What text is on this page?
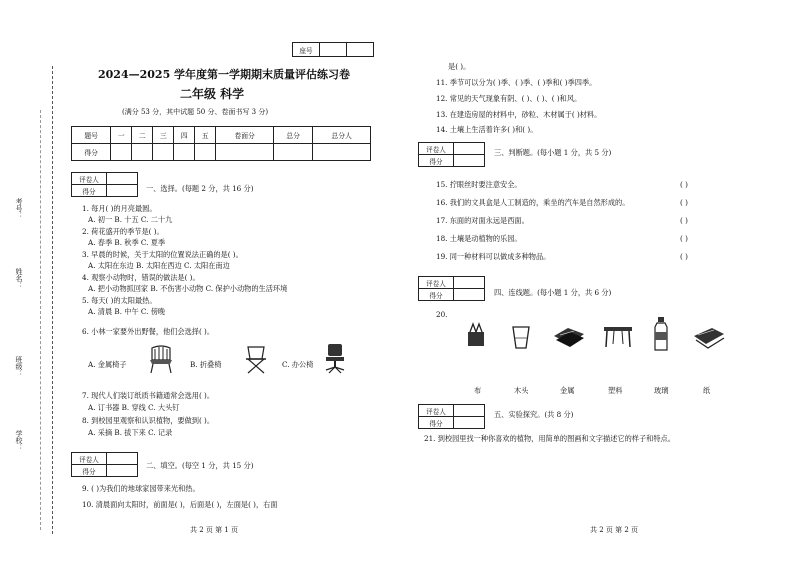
座号		
考号：
姓名：
班级：
学校：
2024—2025 学年度第一学期期末质量评估练习卷
二年级 科学
(满分 53 分，其中试题 50 分、卷面书写 3 分)
题号	一	二	三	四	五	卷面分	总分	总分人
得分								
评卷人	
得分		一、选择。(每题 2 分，共 16 分)
1. 每月( )的月亮最圆。
A. 初一 B. 十五 C. 二十九
2. 荷花盛开的季节是( )。
A. 春季 B. 秋季 C. 夏季
3. 早晨的时候，关于太阳的位置说法正确的是( )。
A. 太阳在东边 B. 太阳在西边 C. 太阳在南边
4. 观察小动物时，错误的做法是( )。
A. 把小动物抓回家 B. 不伤害小动物 C. 保护小动物的生活环境
5. 每天( )的太阳最热。
A. 清晨 B. 中午 C. 傍晚
6. 小林一家要外出野餐，他们会选择( )。
A. 金属椅子	B. 折叠椅	C. 办公椅
7. 现代人们装订纸质书籍通常会选用( )。
A. 订书器 B. 穿线 C. 大头钉
8. 到校园里观察和认识植物，要做到( )。
A. 采摘 B. 拔下来 C. 记录
评卷人	
得分	
二、填空。(每空 1 分，共 15 分)
9. ( )为我们的地球家园带来光和热。
10. 清晨面向太阳时，前面是( )，后面是( )，左面是( )，右面
共 2 页 第 1 页
是( )。
11. 季节可以分为( )季、( )季、( )季和( )季四季。
12. 常见的天气现象有阴、( )、( )、( )和风。
13. 在建造房屋的材料中，砂粒、木材属于( )材料。
14. 土壤上生活着许多( )和( )。
评卷人	
得分	
三、判断题。(每小题 1 分，共 5 分)
15. 拧眼丝时要注意安全。	( )
16. 我们的文具盒是人工制造的，乘坐的汽车是自然形成的。	( )
17. 东面的对面永远是西面。	( )
18. 土壤是动植物的乐园。	( )
19. 同一种材料可以做成多种物品。	( )
评卷人	
得分		四、连线题。(每小题 1 分，共 6 分)
20.
布	木头	金属	塑料	玻璃	纸
评卷人	
得分	
五、实验探究。(共 8 分)
21. 到校园里找一种你喜欢的植物，用简单的图画和文字描述它的样子和特点。
共 2 页 第 2 页
